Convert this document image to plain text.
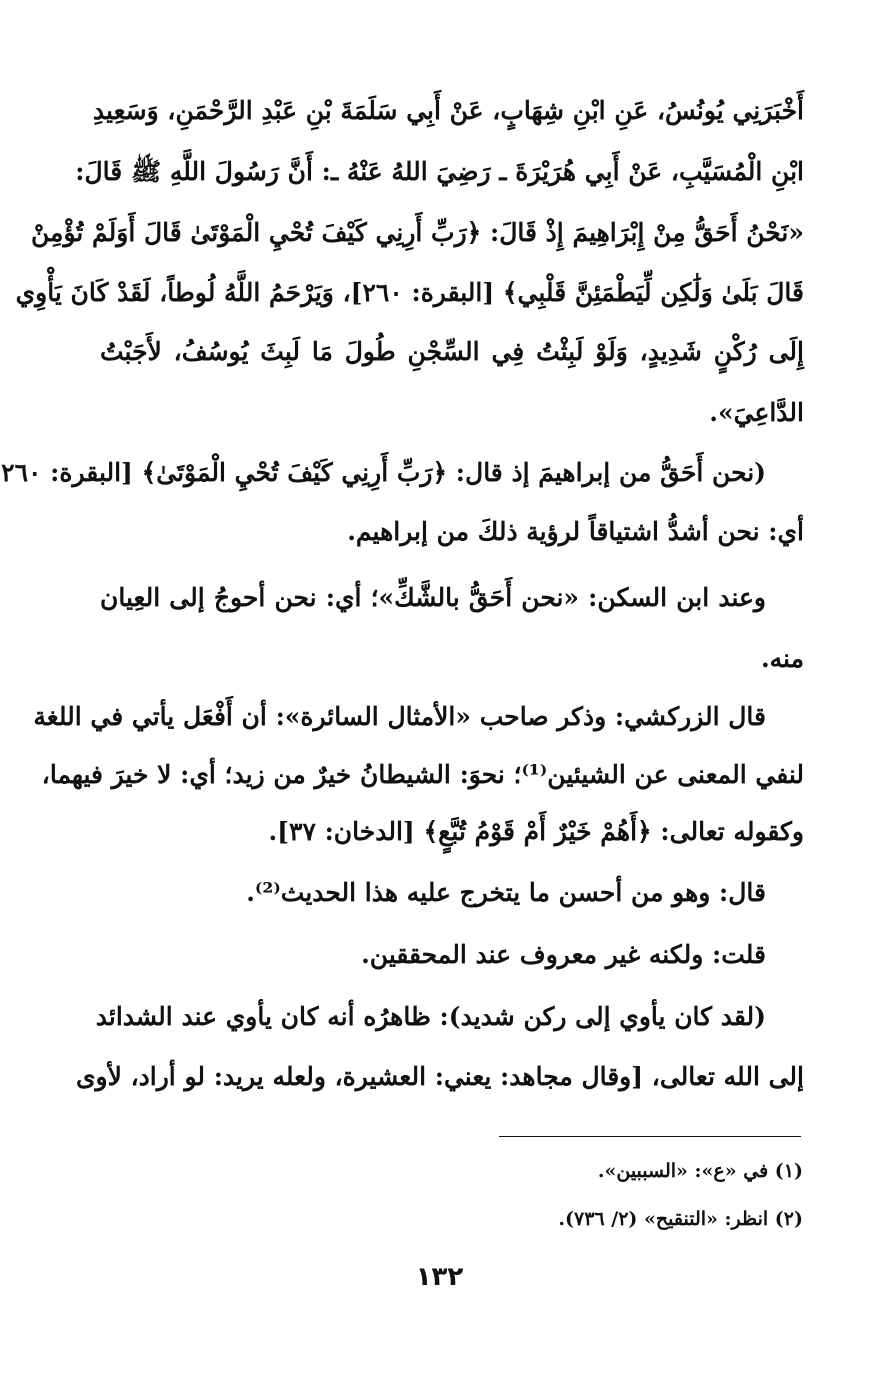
أَخْبَرَنِي يُونُسُ، عَنِ ابْنِ شِهَابٍ، عَنْ أَبِي سَلَمَةَ بْنِ عَبْدِ الرَّحْمَنِ، وَسَعِيدِ
ابْنِ الْمُسَيَّبِ، عَنْ أَبِي هُرَيْرَةَ ـ رَضِيَ اللهُ عَنْهُ ـ: أَنَّ رَسُولَ اللَّهِ ﷺ قَالَ:
«نَحْنُ أَحَقُّ مِنْ إِبْرَاهِيمَ إِذْ قَالَ: ﴿رَبِّ أَرِنِي كَيْفَ تُحْيِ الْمَوْتَىٰ قَالَ أَوَلَمْ تُؤْمِنْ
قَالَ بَلَىٰ وَلَٰكِن لِّيَطْمَئِنَّ قَلْبِي﴾ [البقرة: ٢٦٠]، وَيَرْحَمُ اللَّهُ لُوطاً، لَقَدْ كَانَ يَأْوِي
إِلَى رُكْنٍ شَدِيدٍ، وَلَوْ لَبِثْتُ فِي السِّجْنِ طُولَ مَا لَبِثَ يُوسُفُ، لأَجَبْتُ
الدَّاعِيَ».
(نحن أَحَقُّ من إبراهيمَ إذ قال: ﴿رَبِّ أَرِنِي كَيْفَ تُحْيِ الْمَوْتَىٰ﴾ [البقرة: ٢٦٠
أي: نحن أشدُّ اشتياقاً لرؤية ذلكَ من إبراهيم.
وعند ابن السكن: «نحن أَحَقُّ بالشَّكِّ»؛ أي: نحن أحوجُ إلى العِيان
منه.
قال الزركشي: وذكر صاحب «الأمثال السائرة»: أن أَفْعَل يأتي في اللغة
لنفي المعنى عن الشيئين⁽¹⁾؛ نحوَ: الشيطانُ خيرٌ من زيد؛ أي: لا خيرَ فيهما،
وكقوله تعالى: ﴿أَهُمْ خَيْرٌ أَمْ قَوْمُ تُبَّعٍ﴾ [الدخان: ٣٧].
قال: وهو من أحسن ما يتخرج عليه هذا الحديث⁽²⁾.
قلت: ولكنه غير معروف عند المحققين.
(لقد كان يأوي إلى ركن شديد): ظاهرُه أنه كان يأوي عند الشدائد
إلى الله تعالى، [وقال مجاهد: يعني: العشيرة، ولعله يريد: لو أراد، لأوى
(١) في «ع»: «السببين».
(٢) انظر: «التنقيح» (٢/ ٧٣٦).
١٣٢
